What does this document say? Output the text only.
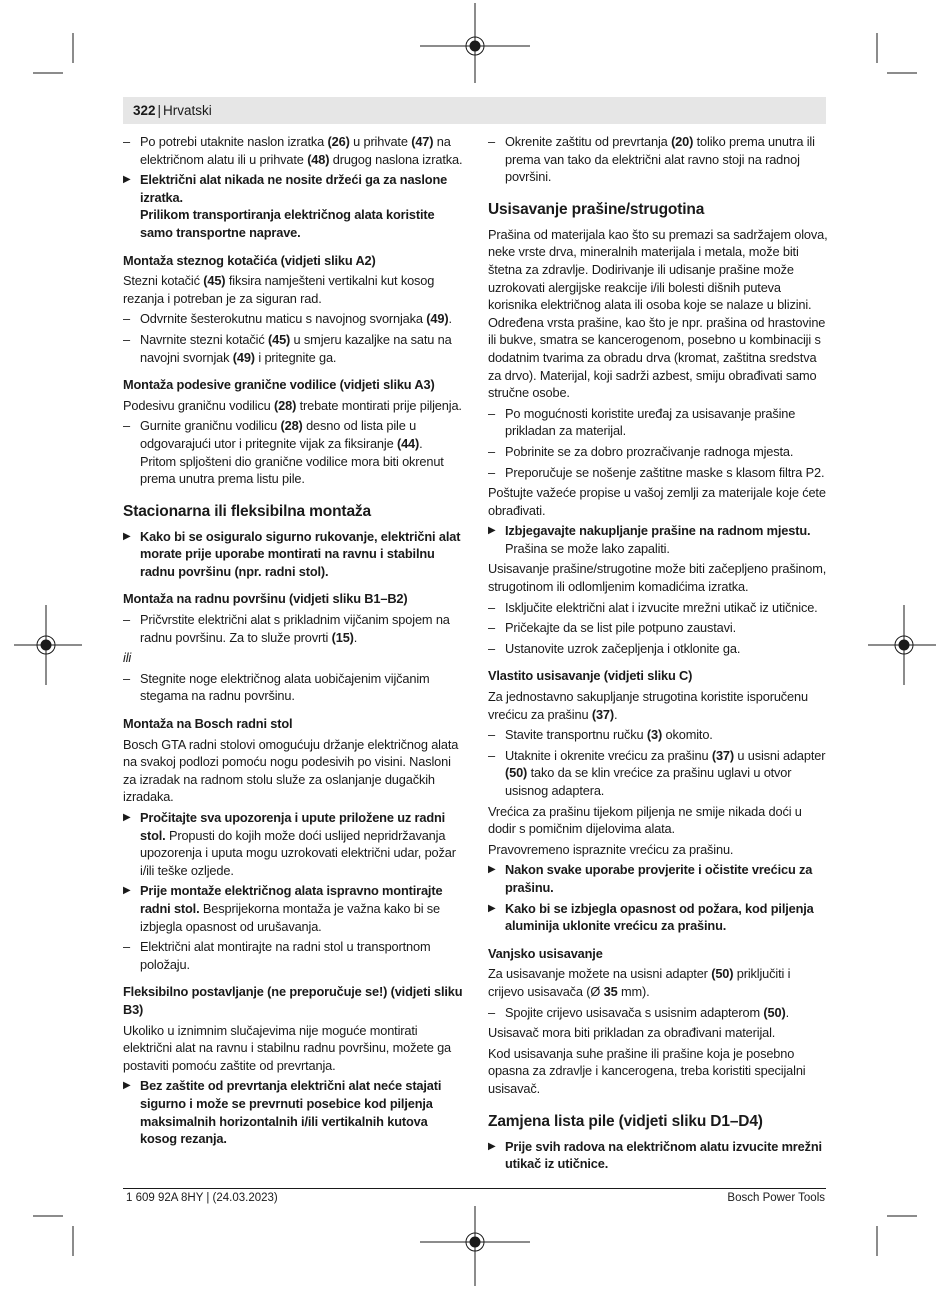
322 | Hrvatski
– Po potrebi utaknite naslon izratka (26) u prihvate (47) na električnom alatu ili u prihvate (48) drugog naslona izratka.
▶ Električni alat nikada ne nosite držeći ga za naslone izratka.
Prilikom transportiranja električnog alata koristite samo transportne naprave.
Montaža steznog kotačića (vidjeti sliku A2)

Stezni kotačić (45) fiksira namješteni vertikalni kut kosog rezanja i potreban je za siguran rad.

– Odvrnite šesterokutnu maticu s navojnog svornjaka (49).
– Navrnite stezni kotačić (45) u smjeru kazaljke na satu na navojni svornjak (49) i pritegnite ga.
Montaža podesive granične vodilice (vidjeti sliku A3)

Podesivu graničnu vodilicu (28) trebate montirati prije piljenja.

– Gurnite graničnu vodilicu (28) desno od lista pile u odgovarajući utor i pritegnite vijak za fiksiranje (44).
Pritom spljošteni dio granične vodilice mora biti okrenut prema unutra prema listu pile.
Stacionarna ili fleksibilna montaža
▶ Kako bi se osiguralo sigurno rukovanje, električni alat morate prije uporabe montirati na ravnu i stabilnu radnu površinu (npr. radni stol).
Montaža na radnu površinu (vidjeti sliku B1–B2)
– Pričvrstite električni alat s prikladnim vijčanim spojem na radnu površinu. Za to služe provrti (15).
ili
– Stegnite noge električnog alata uobičajenim vijčanim stegama na radnu površinu.
Montaža na Bosch radni stol

Bosch GTA radni stolovi omogućuju držanje električnog alata na svakoj podlozi pomoću nogu podesivih po visini. Nasloni za izradak na radnom stolu služe za oslanjanje dugačkih izradaka.

▶ Pročitajte sva upozorenja i upute priložene uz radni stol. Propusti do kojih može doći uslijed nepridržavanja upozorenja i uputa mogu uzrokovati električni udar, požar i/ili teške ozljede.
▶ Prije montaže električnog alata ispravno montirajte radni stol. Besprijekorna montaža je važna kako bi se izbjegla opasnost od urušavanja.
– Električni alat montirajte na radni stol u transportnom položaju.
Fleksibilno postavljanje (ne preporučuje se!) (vidjeti sliku B3)

Ukoliko u iznimnim slučajevima nije moguće montirati električni alat na ravnu i stabilnu radnu površinu, možete ga postaviti pomoću zaštite od prevrtanja.

▶ Bez zaštite od prevrtanja električni alat neće stajati sigurno i može se prevrnuti posebice kod piljenja maksimalnih horizontalnih i/ili vertikalnih kutova kosog rezanja.
– Okrenite zaštitu od prevrtanja (20) toliko prema unutra ili prema van tako da električni alat ravno stoji na radnoj površini.
Usisavanje prašine/strugotina

Prašina od materijala kao što su premazi sa sadržajem olova, neke vrste drva, mineralnih materijala i metala, može biti štetna za zdravlje. Dodirivanje ili udisanje prašine može uzrokovati alergijske reakcije i/ili bolesti dišnih puteva korisnika električnog alata ili osoba koje se nalaze u blizini. Određena vrsta prašine, kao što je npr. prašina od hrastovine ili bukve, smatra se kancerogenom, posebno u kombinaciji s dodatnim tvarima za obradu drva (kromat, zaštitna sredstva za drvo). Materijal, koji sadrži azbest, smiju obrađivati samo stručne osobe.

– Po mogućnosti koristite uređaj za usisavanje prašine prikladan za materijal.
– Pobrinite se za dobro prozračivanje radnoga mjesta.
– Preporučuje se nošenje zaštitne maske s klasom filtra P2.

Poštujte važeće propise u vašoj zemlji za materijale koje ćete obrađivati.

▶ Izbjegavajte nakupljanje prašine na radnom mjestu.
Prašina se može lako zapaliti.

Usisavanje prašine/strugotine može biti začepljeno prašinom, strugotinom ili odlomljenim komadićima izratka.

– Isključite električni alat i izvucite mrežni utikač iz utičnice.
– Pričekajte da se list pile potpuno zaustavi.
– Ustanovite uzrok začepljenja i otklonite ga.
Vlastito usisavanje (vidjeti sliku C)

Za jednostavno sakupljanje strugotina koristite isporučenu vrećicu za prašinu (37).

– Stavite transportnu ručku (3) okomito.
– Utaknite i okrenite vrećicu za prašinu (37) u usisni adapter (50) tako da se klin vrećice za prašinu uglavi u otvor usisnog adaptera.

Vrećica za prašinu tijekom piljenja ne smije nikada doći u dodir s pomičnim dijelovima alata.

Pravovremeno ispraznite vrećicu za prašinu.

▶ Nakon svake uporabe provjerite i očistite vrećicu za prašinu.
▶ Kako bi se izbjegla opasnost od požara, kod piljenja aluminija uklonite vrećicu za prašinu.
Vanjsko usisavanje

Za usisavanje možete na usisni adapter (50) priključiti i crijevo usisavača (Ø 35 mm).

– Spojite crijevo usisavača s usisnim adapterom (50).

Usisavač mora biti prikladan za obrađivani materijal.

Kod usisavanja suhe prašine ili prašine koja je posebno opasna za zdravlje i kancerogena, treba koristiti specijalni usisavač.

Zamjena lista pile (vidjeti sliku D1–D4)
▶ Prije svih radova na električnom alatu izvucite mrežni utikač iz utičnice.
1 609 92A 8HY | (24.03.2023)	Bosch Power Tools
